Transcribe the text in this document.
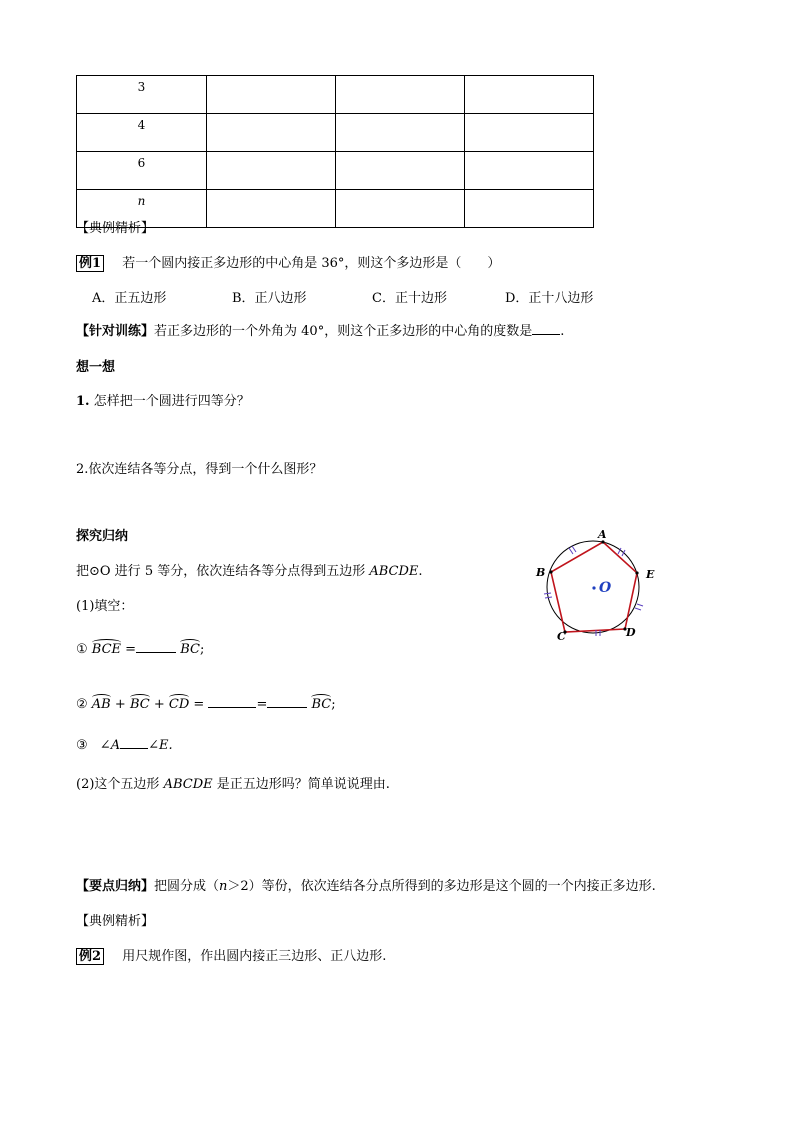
3			
4			
6			
n			
【典例精析】
例1 若一个圆内接正多边形的中心角是 36°，则这个多边形是（　　）
A．正五边形	B．正八边形	C．正十边形	D．正十八边形
【针对训练】若正多边形的一个外角为 40°，则这个正多边形的中心角的度数是 .
想一想
1. 怎样把一个圆进行四等分？
2.依次连结各等分点，得到一个什么图形？
探究归纳
把⊙O 进行 5 等分，依次连结各等分点得到五边形 ABCDE.
(1)填空：
① BCE =	BC;
② AB + BC + CD =	=	BC;
③ ∠A ∠E.
(2)这个五边形 ABCDE 是正五边形吗？简单说说理由.
A
B
C	D
E
O
【要点归纳】把圆分成（n＞2）等份，依次连结各分点所得到的多边形是这个圆的一个内接正多边形.
【典例精析】
例2 用尺规作图，作出圆内接正三边形、正八边形.
